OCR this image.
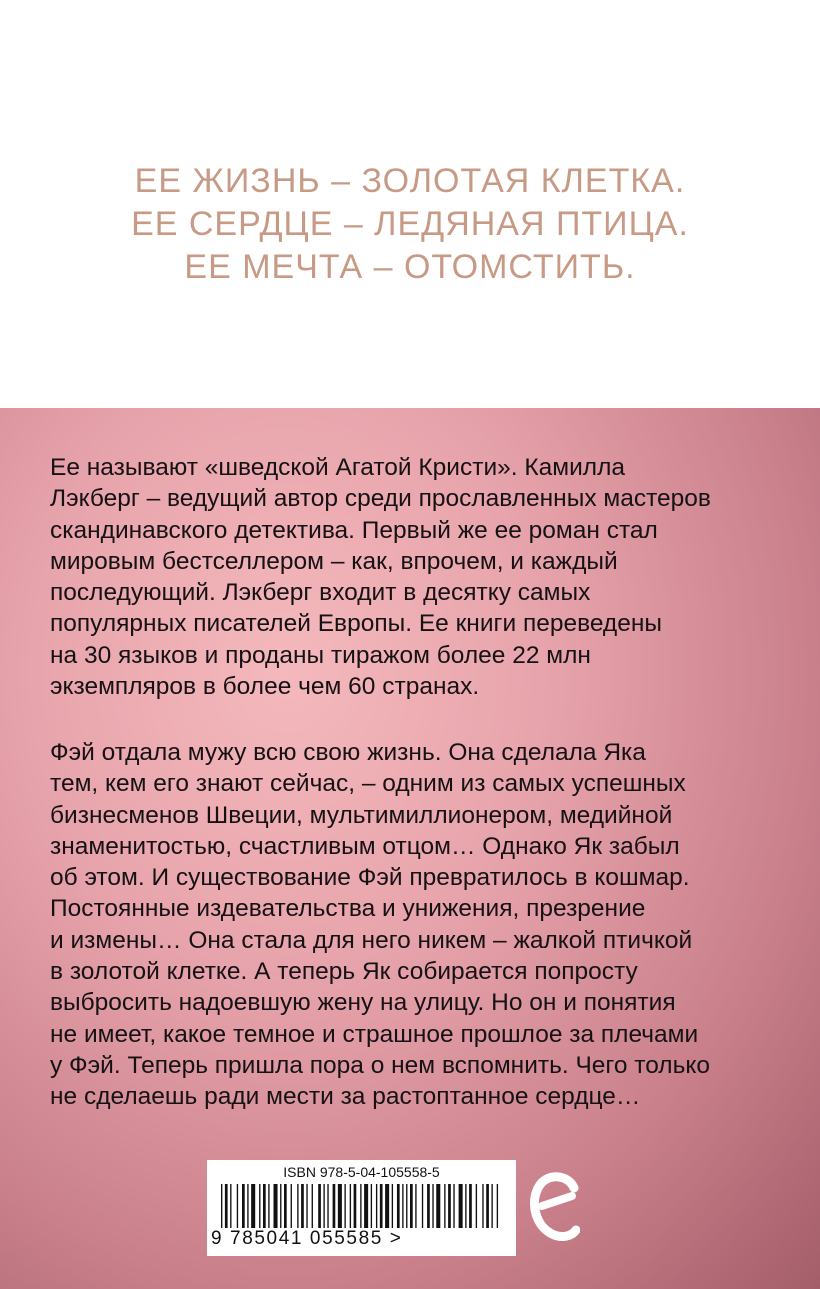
ЕЕ ЖИЗНЬ – ЗОЛОТАЯ КЛЕТКА.
ЕЕ СЕРДЦЕ – ЛЕДЯНАЯ ПТИЦА.
ЕЕ МЕЧТА – ОТОМСТИТЬ.
Ее называют «шведской Агатой Кристи». Камилла
Лэкберг – ведущий автор среди прославленных мастеров
скандинавского детектива. Первый же ее роман стал
мировым бестселлером – как, впрочем, и каждый
последующий. Лэкберг входит в десятку самых
популярных писателей Европы. Ее книги переведены
на 30 языков и проданы тиражом более 22 млн
экземпляров в более чем 60 странах.
Фэй отдала мужу всю свою жизнь. Она сделала Яка
тем, кем его знают сейчас, – одним из самых успешных
бизнесменов Швеции, мультимиллионером, медийной
знаменитостью, счастливым отцом… Однако Як забыл
об этом. И существование Фэй превратилось в кошмар.
Постоянные издевательства и унижения, презрение
и измены… Она стала для него никем – жалкой птичкой
в золотой клетке. А теперь Як собирается попросту
выбросить надоевшую жену на улицу. Но он и понятия
не имеет, какое темное и страшное прошлое за плечами
у Фэй. Теперь пришла пора о нем вспомнить. Чего только
не сделаешь ради мести за растоптанное сердце…
ISBN 978-5-04-105558-5
9 785041 055585 >
